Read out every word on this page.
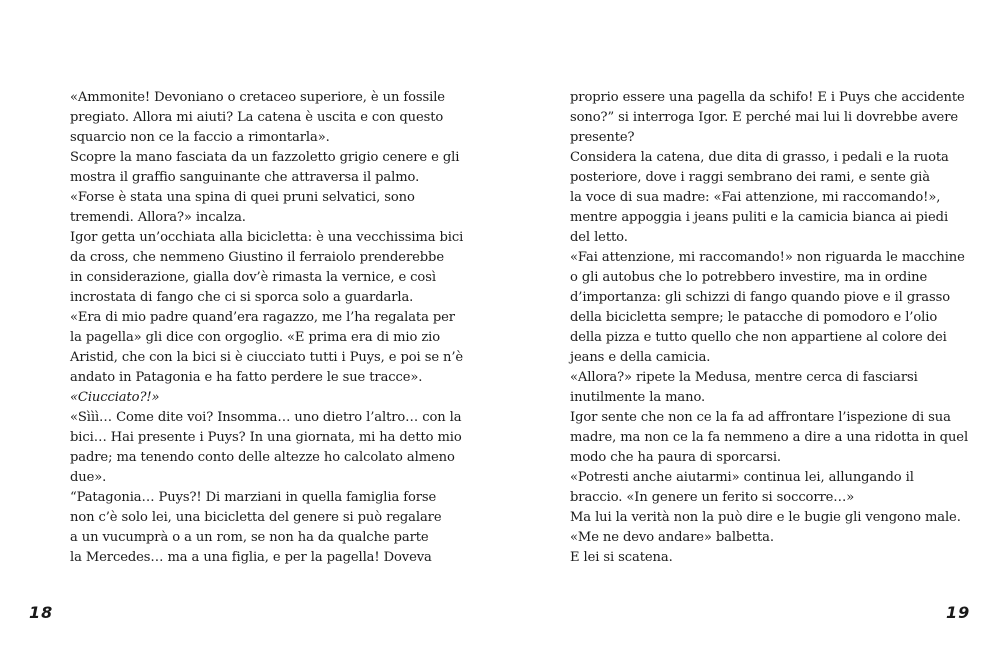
«Ammonite! Devoniano o cretaceo superiore, è un fossile
pregiato. Allora mi aiuti? La catena è uscita e con questo
squarcio non ce la faccio a rimontarla».
Scopre la mano fasciata da un fazzoletto grigio cenere e gli
mostra il graffio sanguinante che attraversa il palmo.
«Forse è stata una spina di quei pruni selvatici, sono
tremendi. Allora?» incalza.
Igor getta un’occhiata alla bicicletta: è una vecchissima bici
da cross, che nemmeno Giustino il ferraiolo prenderebbe
in considerazione, gialla dov’è rimasta la vernice, e così
incrostata di fango che ci si sporca solo a guardarla.
«Era di mio padre quand’era ragazzo, me l’ha regalata per
la pagella» gli dice con orgoglio. «E prima era di mio zio
Aristid, che con la bici si è ciucciato tutti i Puys, e poi se n’è
andato in Patagonia e ha fatto perdere le sue tracce».
«Ciucciato?!»
«Sììì… Come dite voi? Insomma… uno dietro l’altro… con la
bici… Hai presente i Puys? In una giornata, mi ha detto mio
padre; ma tenendo conto delle altezze ho calcolato almeno
due».
“Patagonia… Puys?! Di marziani in quella famiglia forse
non c’è solo lei, una bicicletta del genere si può regalare
a un vucumprà o a un rom, se non ha da qualche parte
la Mercedes… ma a una figlia, e per la pagella! Doveva
18
proprio essere una pagella da schifo! E i Puys che accidente
sono?” si interroga Igor. E perché mai lui li dovrebbe avere
presente?
Considera la catena, due dita di grasso, i pedali e la ruota
posteriore, dove i raggi sembrano dei rami, e sente già
la voce di sua madre: «Fai attenzione, mi raccomando!»,
mentre appoggia i jeans puliti e la camicia bianca ai piedi
del letto.
«Fai attenzione, mi raccomando!» non riguarda le macchine
o gli autobus che lo potrebbero investire, ma in ordine
d’importanza: gli schizzi di fango quando piove e il grasso
della bicicletta sempre; le patacche di pomodoro e l’olio
della pizza e tutto quello che non appartiene al colore dei
jeans e della camicia.
«Allora?» ripete la Medusa, mentre cerca di fasciarsi
inutilmente la mano.
Igor sente che non ce la fa ad affrontare l’ispezione di sua
madre, ma non ce la fa nemmeno a dire a una ridotta in quel
modo che ha paura di sporcarsi.
«Potresti anche aiutarmi» continua lei, allungando il
braccio. «In genere un ferito si soccorre…»
Ma lui la verità non la può dire e le bugie gli vengono male.
«Me ne devo andare» balbetta.
E lei si scatena.
19
